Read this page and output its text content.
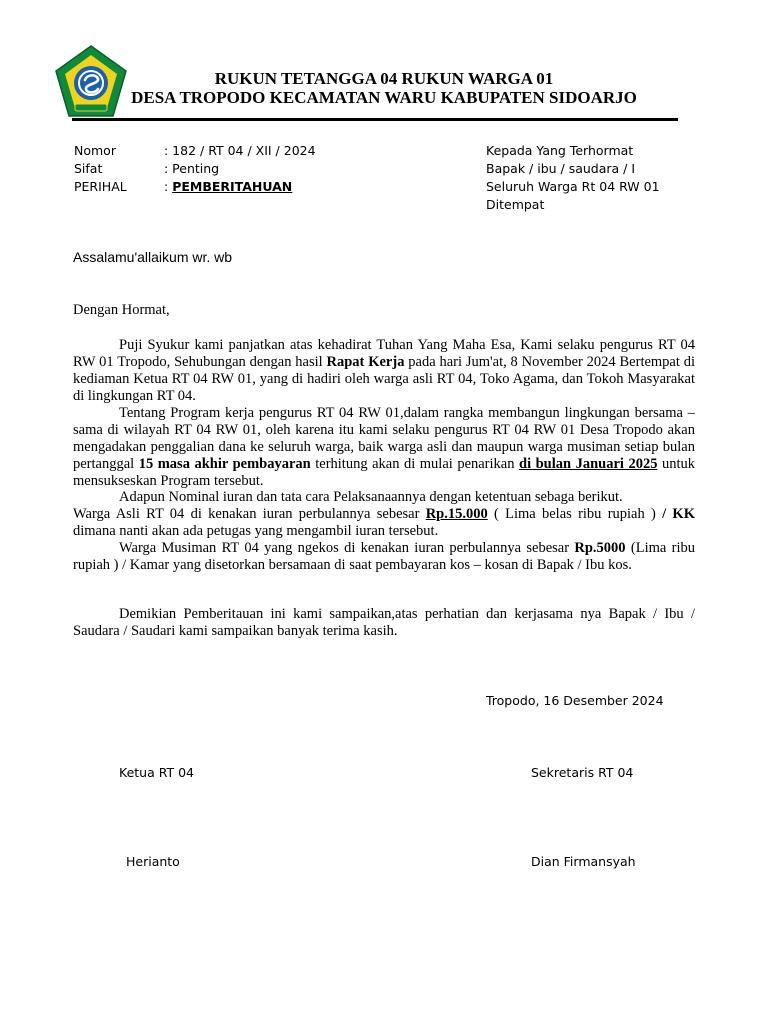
RUKUN TETANGGA 04 RUKUN WARGA 01
DESA TROPODO KECAMATAN WARU KABUPATEN SIDOARJO
Nomor	: 182 / RT 04 / XII / 2024
Sifat	: Penting
PERIHAL	: PEMBERITAHUAN
Kepada Yang Terhormat
Bapak / ibu / saudara / I
Seluruh Warga Rt 04 RW 01
Ditempat
Assalamu'allaikum wr. wb
Dengan Hormat,

Puji Syukur kami panjatkan atas kehadirat Tuhan Yang Maha Esa, Kami selaku pengurus RT 04 RW 01 Tropodo, Sehubungan dengan hasil Rapat Kerja pada hari Jum'at, 8 November 2024 Bertempat di kediaman Ketua RT 04 RW 01, yang di hadiri oleh warga asli RT 04, Toko Agama, dan Tokoh Masyarakat di lingkungan RT 04.

Tentang Program kerja pengurus RT 04 RW 01,dalam rangka membangun lingkungan bersama – sama di wilayah RT 04 RW 01, oleh karena itu kami selaku pengurus RT 04 RW 01 Desa Tropodo akan mengadakan penggalian dana ke seluruh warga, baik warga asli dan maupun warga musiman setiap bulan pertanggal 15 masa akhir pembayaran terhitung akan di mulai penarikan di bulan Januari 2025 untuk mensukseskan Program tersebut.

Adapun Nominal iuran dan tata cara Pelaksanaannya dengan ketentuan sebaga berikut.

Warga Asli RT 04 di kenakan iuran perbulannya sebesar Rp.15.000 ( Lima belas ribu rupiah ) / KK dimana nanti akan ada petugas yang mengambil iuran tersebut.

Warga Musiman RT 04 yang ngekos di kenakan iuran perbulannya sebesar Rp.5000 (Lima ribu rupiah ) / Kamar yang disetorkan bersamaan di saat pembayaran kos – kosan di Bapak / Ibu kos.

Demikian Pemberitauan ini kami sampaikan,atas perhatian dan kerjasama nya Bapak / Ibu / Saudara / Saudari kami sampaikan banyak terima kasih.

Tropodo, 16 Desember 2024
Ketua RT 04	Sekretaris RT 04
Herianto	Dian Firmansyah
